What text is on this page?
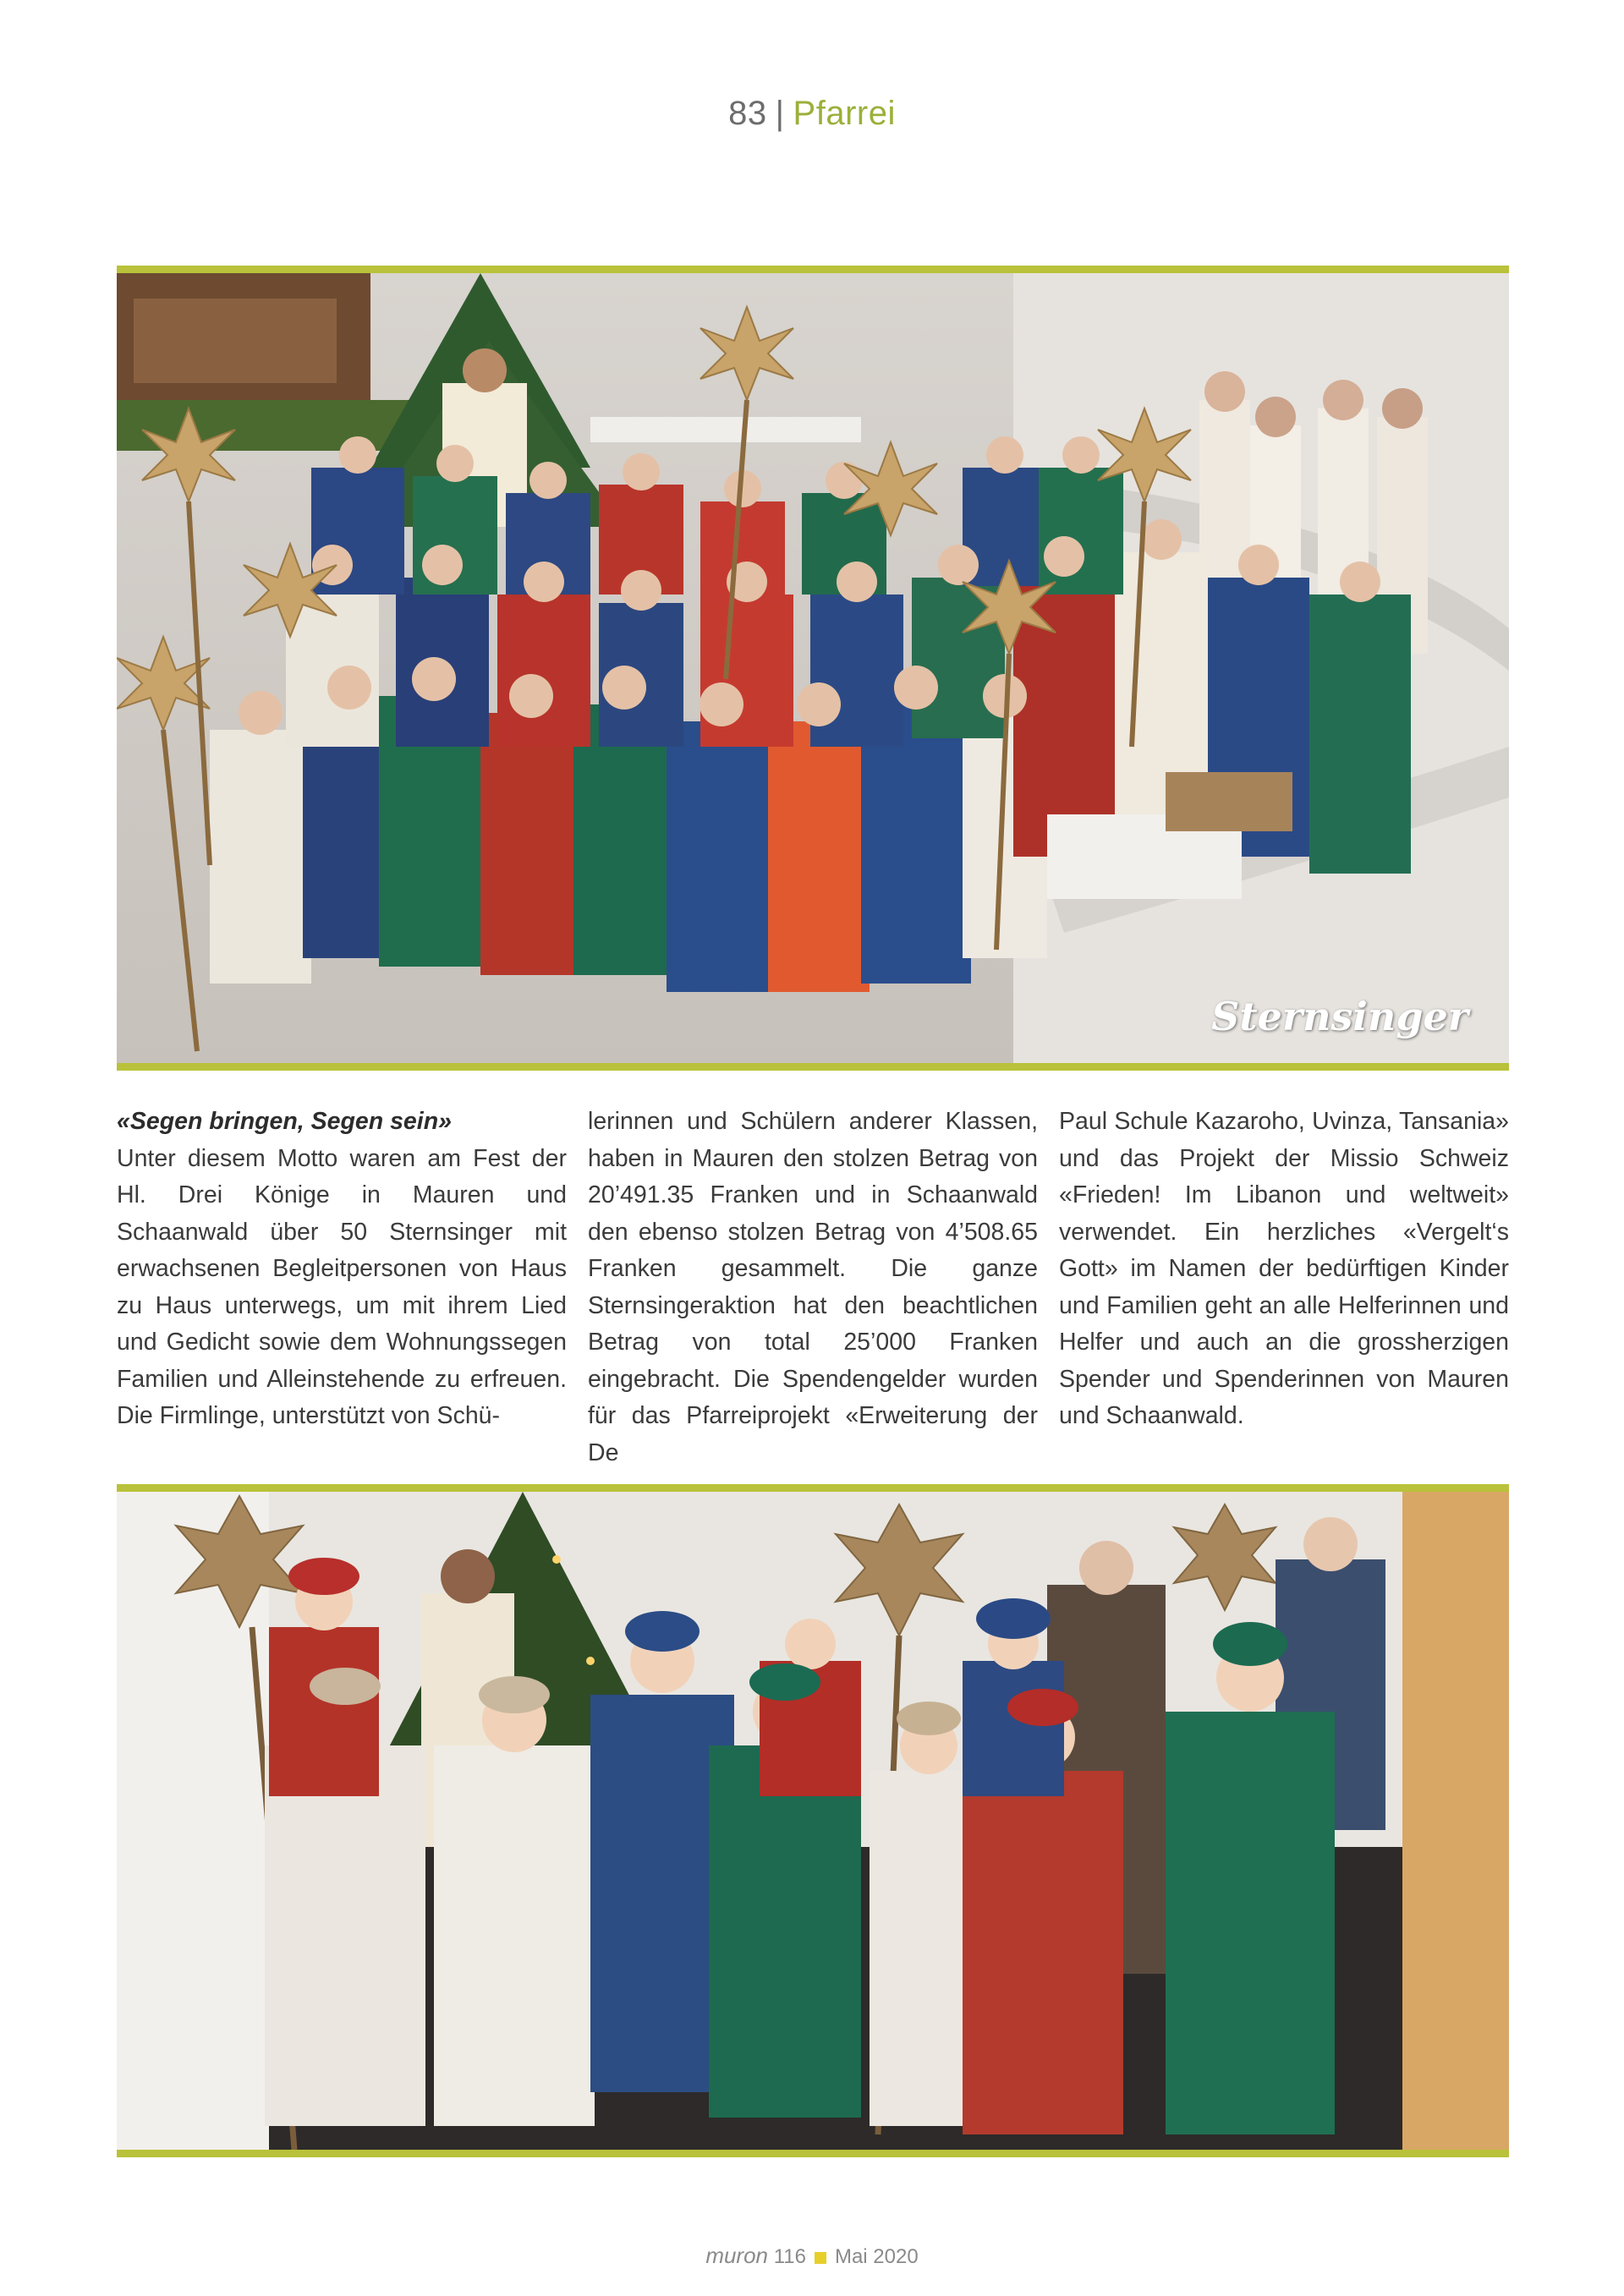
83 | Pfarrei
Sternsinger
«Segen bringen, Segen sein»

Unter diesem Motto waren am Fest der Hl. Drei Könige in Mauren und Schaanwald über 50 Sternsinger mit erwachsenen Begleitpersonen von Haus zu Haus unterwegs, um mit ihrem Lied und Gedicht sowie dem Wohnungssegen Familien und Alleinstehende zu erfreuen. Die Firmlinge, unterstützt von Schü-

lerinnen und Schülern anderer Klassen, haben in Mauren den stolzen Betrag von 20’491.35 Franken und in Schaanwald den ebenso stolzen Betrag von 4’508.65 Franken gesammelt. Die ganze Sternsingeraktion hat den beachtlichen Betrag von total 25’000 Franken eingebracht. Die Spendengelder wurden für das Pfarreiprojekt «Erweiterung der De

Paul Schule Kazaroho, Uvinza, Tansania» und das Projekt der Missio Schweiz «Frieden! Im Libanon und weltweit» verwendet. Ein herzliches «Vergelt‘s Gott» im Namen der bedürftigen Kinder und Familien geht an alle Helferinnen und Helfer und auch an die grossherzigen Spender und Spenderinnen von Mauren und Schaanwald.

muron 116 Mai 2020
